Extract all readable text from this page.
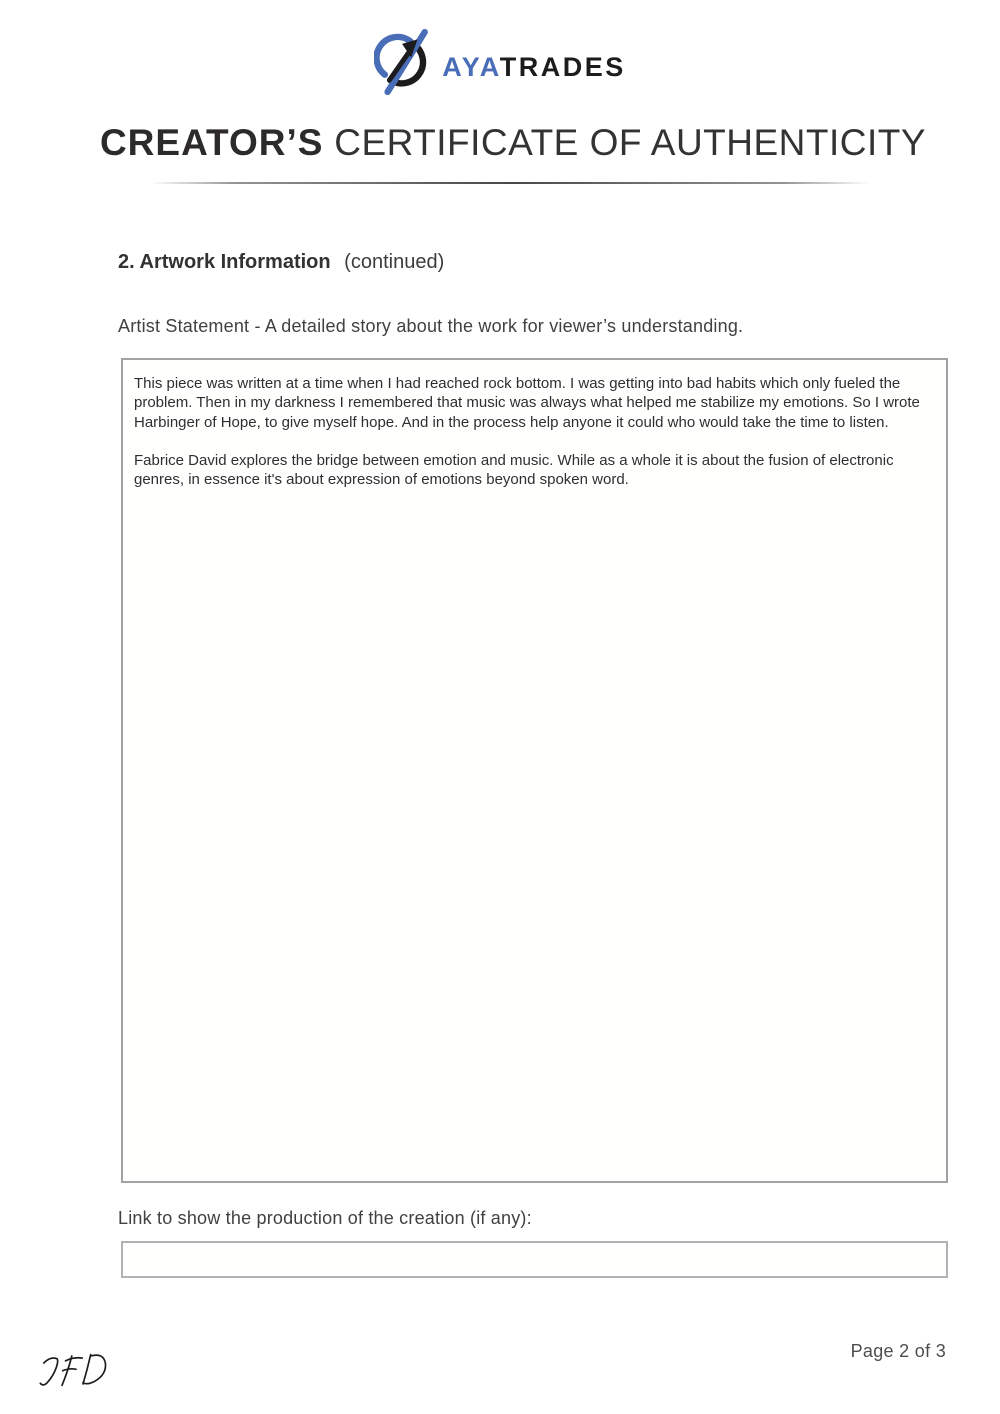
AYATRADES
CREATOR’S CERTIFICATE OF AUTHENTICITY
2. Artwork Information (continued)
Artist Statement - A detailed story about the work for viewer’s understanding.

This piece was written at a time when I had reached rock bottom. I was getting into bad habits which only fueled the problem. Then in my darkness I remembered that music was always what helped me stabilize my emotions. So I wrote Harbinger of Hope, to give myself hope. And in the process help anyone it could who would take the time to listen.

Fabrice David explores the bridge between emotion and music. While as a whole it is about the fusion of electronic genres, in essence it's about expression of emotions beyond spoken word.

Link to show the production of the creation (if any):
Page 2 of 3
